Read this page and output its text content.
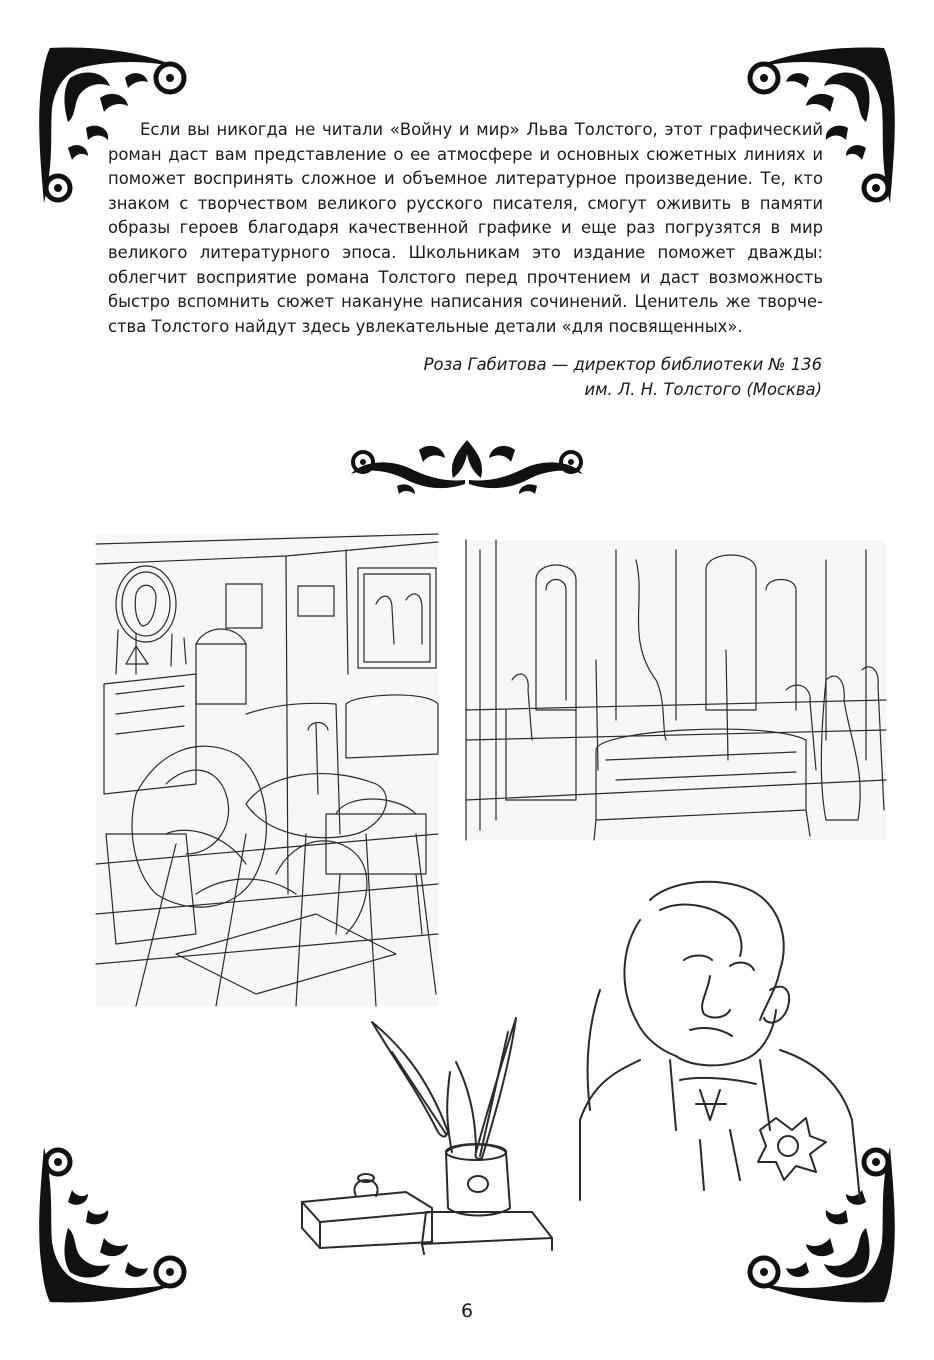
Если вы никогда не читали «Войну и мир» Льва Толстого, этот графический
роман даст вам представление о ее атмосфере и основных сюжетных линиях и
поможет воспринять сложное и объемное литературное произведение. Те, кто
знаком с творчеством великого русского писателя, смогут оживить в памяти
образы героев благодаря качественной графике и еще раз погрузятся в мир
великого литературного эпоса. Школьникам это издание поможет дважды:
облегчит восприятие романа Толстого перед прочтением и даст возможность
быстро вспомнить сюжет накануне написания сочинений. Ценитель же творче-
ства Толстого найдут здесь увлекательные детали «для посвященных».
Роза Габитова — директор библиотеки № 136
им. Л. Н. Толстого (Москва)
6
